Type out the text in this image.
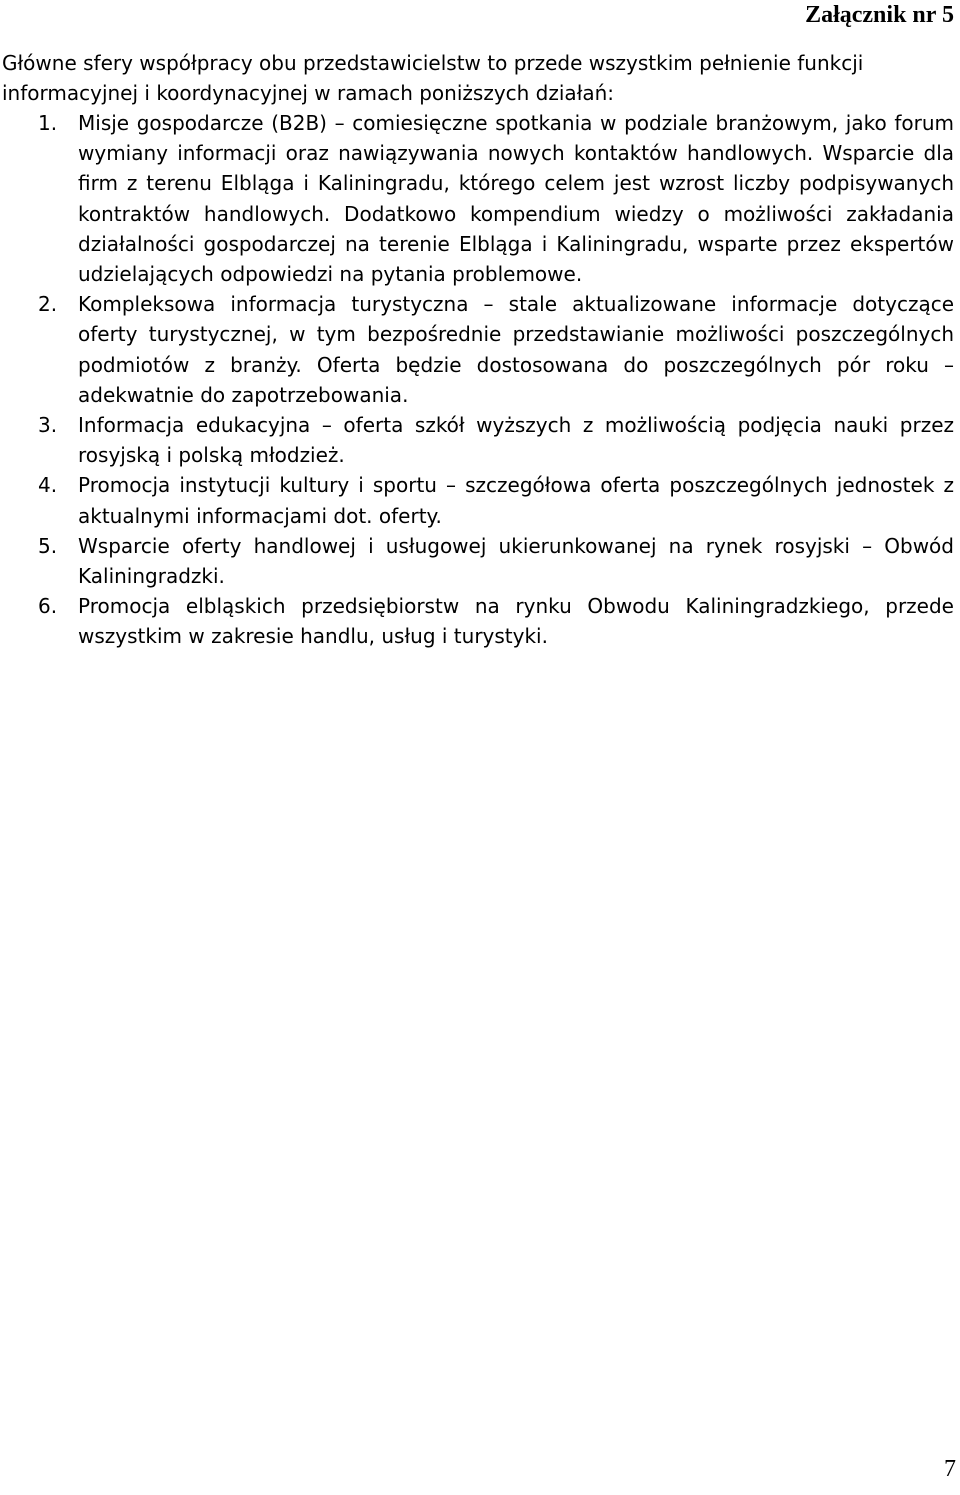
Załącznik nr 5
Główne sfery współpracy obu przedstawicielstw to przede wszystkim pełnienie funkcji informacyjnej i koordynacyjnej w ramach poniższych działań:
1. Misje gospodarcze (B2B) – comiesięczne spotkania w podziale branżowym, jako forum wymiany informacji oraz nawiązywania nowych kontaktów handlowych. Wsparcie dla firm z terenu Elbląga i Kaliningradu, którego celem jest wzrost liczby podpisywanych kontraktów handlowych. Dodatkowo kompendium wiedzy o możliwości zakładania działalności gospodarczej na terenie Elbląga i Kaliningradu, wsparte przez ekspertów udzielających odpowiedzi na pytania problemowe.
2. Kompleksowa informacja turystyczna – stale aktualizowane informacje dotyczące oferty turystycznej, w tym bezpośrednie przedstawianie możliwości poszczególnych podmiotów z branży. Oferta będzie dostosowana do poszczególnych pór roku – adekwatnie do zapotrzebowania.
3. Informacja edukacyjna – oferta szkół wyższych z możliwością podjęcia nauki przez rosyjską i polską młodzież.
4. Promocja instytucji kultury i sportu – szczegółowa oferta poszczególnych jednostek z aktualnymi informacjami dot. oferty.
5. Wsparcie oferty handlowej i usługowej ukierunkowanej na rynek rosyjski – Obwód Kaliningradzki.
6. Promocja elbląskich przedsiębiorstw na rynku Obwodu Kaliningradzkiego, przede wszystkim w zakresie handlu, usług i turystyki.
7
